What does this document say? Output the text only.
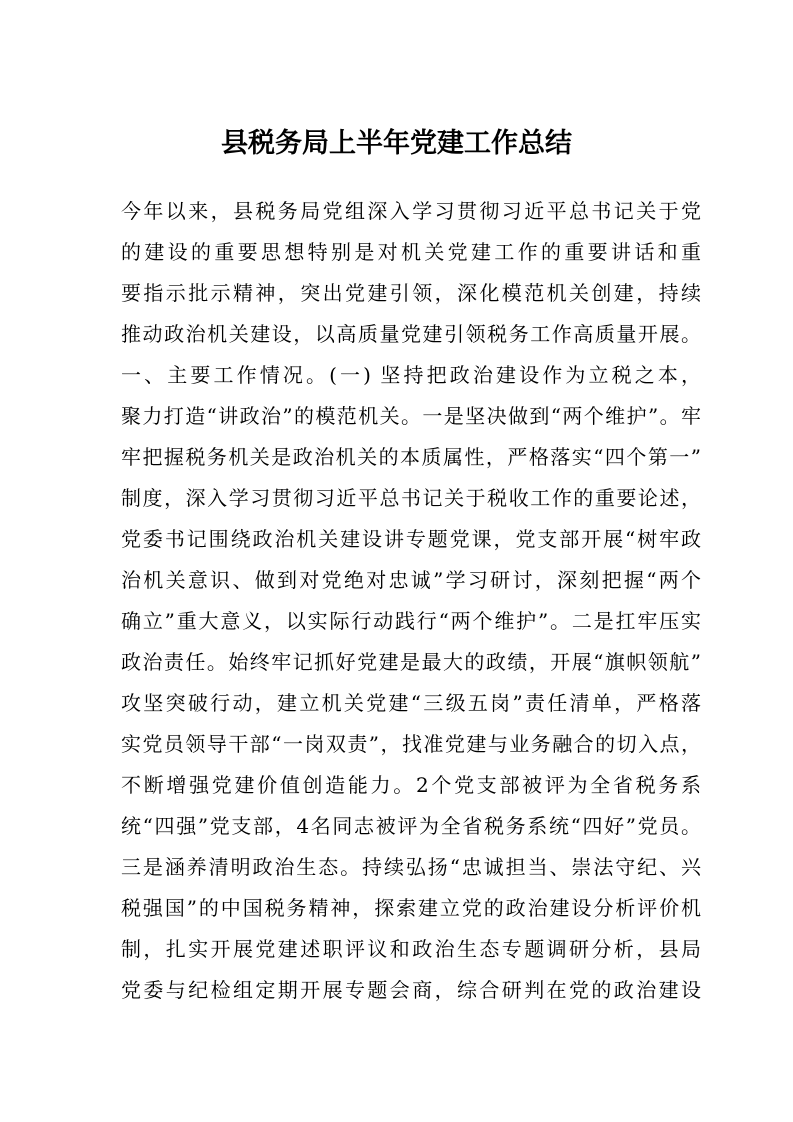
县税务局上半年党建工作总结
今年以来，县税务局党组深入学习贯彻习近平总书记关于党
的建设的重要思想特别是对机关党建工作的重要讲话和重
要指示批示精神，突出党建引领，深化模范机关创建，持续
推动政治机关建设，以高质量党建引领税务工作高质量开展。
一、主要工作情况。(一) 坚持把政治建设作为立税之本，
聚力打造“讲政治”的模范机关。一是坚决做到“两个维护”。牢
牢把握税务机关是政治机关的本质属性，严格落实“四个第一”
制度，深入学习贯彻习近平总书记关于税收工作的重要论述，
党委书记围绕政治机关建设讲专题党课，党支部开展“树牢政
治机关意识、做到对党绝对忠诚”学习研讨，深刻把握“两个
确立”重大意义，以实际行动践行“两个维护”。二是扛牢压实
政治责任。始终牢记抓好党建是最大的政绩，开展“旗帜领航”
攻坚突破行动，建立机关党建“三级五岗”责任清单，严格落
实党员领导干部“一岗双责”，找准党建与业务融合的切入点，
不断增强党建价值创造能力。2个党支部被评为全省税务系
统“四强”党支部，4名同志被评为全省税务系统“四好”党员。
三是涵养清明政治生态。持续弘扬“忠诚担当、崇法守纪、兴
税强国”的中国税务精神，探索建立党的政治建设分析评价机
制，扎实开展党建述职评议和政治生态专题调研分析，县局
党委与纪检组定期开展专题会商，综合研判在党的政治建设
